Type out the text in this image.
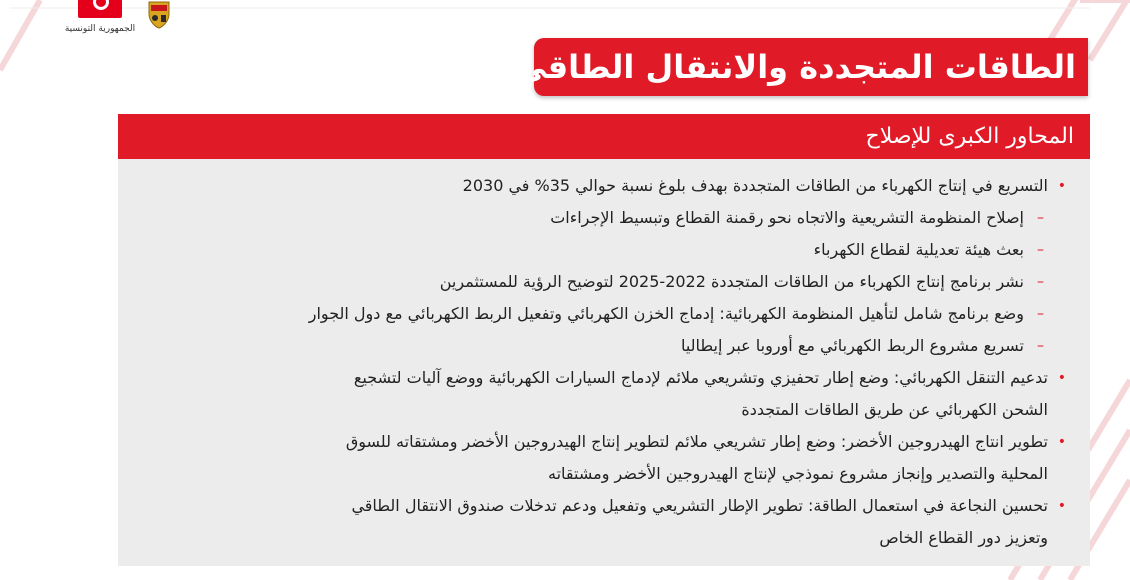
الجمهورية التونسية
الطاقات المتجددة والانتقال الطاقي
المحاور الكبرى للإصلاح
•
التسريع في إنتاج الكهرباء من الطاقات المتجددة بهدف بلوغ نسبة حوالي 35% في 2030
–
إصلاح المنظومة التشريعية والاتجاه نحو رقمنة القطاع وتبسيط الإجراءات
–
بعث هيئة تعديلية لقطاع الكهرباء
–
نشر برنامج إنتاج الكهرباء من الطاقات المتجددة 2022-2025 لتوضيح الرؤية للمستثمرين
–
وضع برنامج شامل لتأهيل المنظومة الكهربائية: إدماج الخزن الكهربائي وتفعيل الربط الكهربائي مع دول الجوار
–
تسريع مشروع الربط الكهربائي مع أوروبا عبر إيطاليا
•
تدعيم التنقل الكهربائي: وضع إطار تحفيزي وتشريعي ملائم لإدماج السيارات الكهربائية ووضع آليات لتشجيع
الشحن الكهربائي عن طريق الطاقات المتجددة
•
تطوير انتاج الهيدروجين الأخضر: وضع إطار تشريعي ملائم لتطوير إنتاج الهيدروجين الأخضر ومشتقاته للسوق
المحلية والتصدير وإنجاز مشروع نموذجي لإنتاج الهيدروجين الأخضر ومشتقاته
•
تحسين النجاعة في استعمال الطاقة: تطوير الإطار التشريعي وتفعيل ودعم تدخلات صندوق الانتقال الطاقي
وتعزيز دور القطاع الخاص
